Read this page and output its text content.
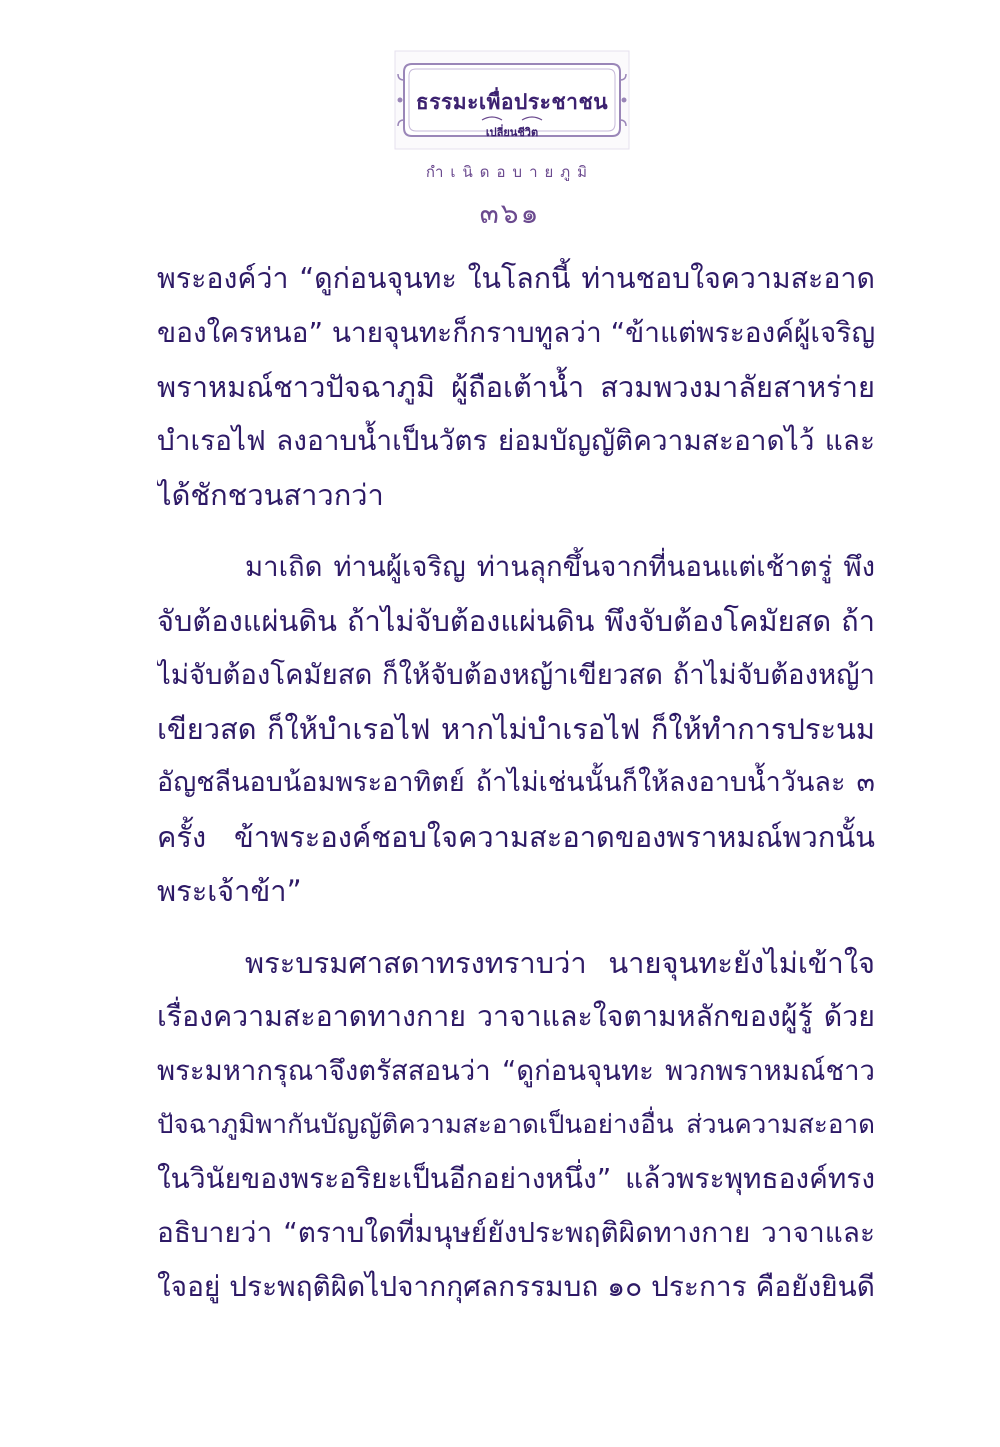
ธรรมะเพื่อประชาชน
เปลี่ยนชีวิต
กำเนิดอบายภูมิ
๓๖๑
พระองค์ว่า “ดูก่อนจุนทะ ในโลกนี้ ท่านชอบใจความสะอาด
ของใครหนอ” นายจุนทะก็กราบทูลว่า “ข้าแต่พระองค์ผู้เจริญ
พราหมณ์ชาวปัจฉาภูมิ ผู้ถือเต้าน้ำ สวมพวงมาลัยสาหร่าย
บำเรอไฟ ลงอาบน้ำเป็นวัตร ย่อมบัญญัติความสะอาดไว้ และ
ได้ชักชวนสาวกว่า
มาเถิด ท่านผู้เจริญ ท่านลุกขึ้นจากที่นอนแต่เช้าตรู่ พึง
จับต้องแผ่นดิน ถ้าไม่จับต้องแผ่นดิน พึงจับต้องโคมัยสด ถ้า
ไม่จับต้องโคมัยสด ก็ให้จับต้องหญ้าเขียวสด ถ้าไม่จับต้องหญ้า
เขียวสด ก็ให้บำเรอไฟ หากไม่บำเรอไฟ ก็ให้ทำการประนม
อัญชลีนอบน้อมพระอาทิตย์ ถ้าไม่เช่นนั้นก็ให้ลงอาบน้ำวันละ ๓
ครั้ง ข้าพระองค์ชอบใจความสะอาดของพราหมณ์พวกนั้น
พระเจ้าข้า”
พระบรมศาสดาทรงทราบว่า นายจุนทะยังไม่เข้าใจ
เรื่องความสะอาดทางกาย วาจาและใจตามหลักของผู้รู้ ด้วย
พระมหากรุณาจึงตรัสสอนว่า “ดูก่อนจุนทะ พวกพราหมณ์ชาว
ปัจฉาภูมิพากันบัญญัติความสะอาดเป็นอย่างอื่น ส่วนความสะอาด
ในวินัยของพระอริยะเป็นอีกอย่างหนึ่ง” แล้วพระพุทธองค์ทรง
อธิบายว่า “ตราบใดที่มนุษย์ยังประพฤติผิดทางกาย วาจาและ
ใจอยู่ ประพฤติผิดไปจากกุศลกรรมบถ ๑๐ ประการ คือยังยินดี
